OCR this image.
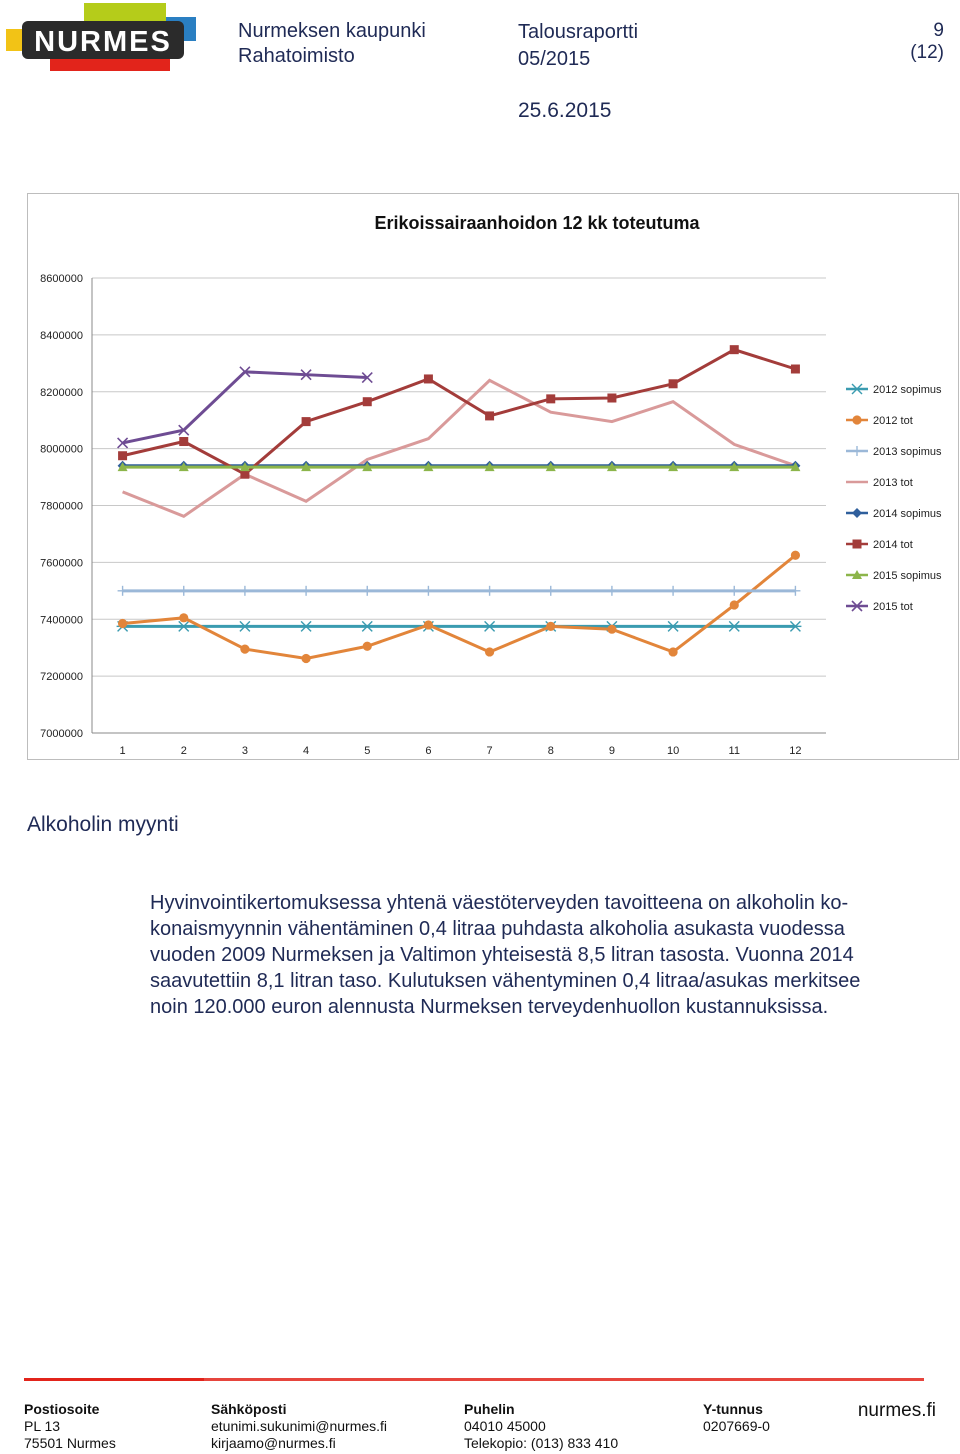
NURMES	Nurmeksen kaupunki
Rahatoimisto
Talousraportti
05/2015
9
(12)
25.6.2015
Erikoissairaanhoidon 12 kk toteutuma
8600000
8400000
8200000
8000000
7800000
7600000
7400000
7200000
7000000
1	2	3	4	5	6	7	8	9	10	11	12
2012 sopimus
2012 tot
2013 sopimus
2013 tot
2014 sopimus
2014 tot
2015 sopimus
2015 tot
Alkoholin myynti
Hyvinvointikertomuksessa yhtenä väestöterveyden tavoitteena on alkoholin ko-
konaismyynnin vähentäminen 0,4 litraa puhdasta alkoholia asukasta vuodessa
vuoden 2009 Nurmeksen ja Valtimon yhteisestä 8,5 litran tasosta. Vuonna 2014
saavutettiin 8,1 litran taso. Kulutuksen vähentyminen 0,4 litraa/asukas merkitsee
noin 120.000 euron alennusta Nurmeksen terveydenhuollon kustannuksissa.
Postiosoite
PL 13
75501 Nurmes
Sähköposti
etunimi.sukunimi@nurmes.fi
kirjaamo@nurmes.fi
Puhelin
04010 45000
Telekopio: (013) 833 410
Y-tunnus
0207669-0
nurmes.fi
